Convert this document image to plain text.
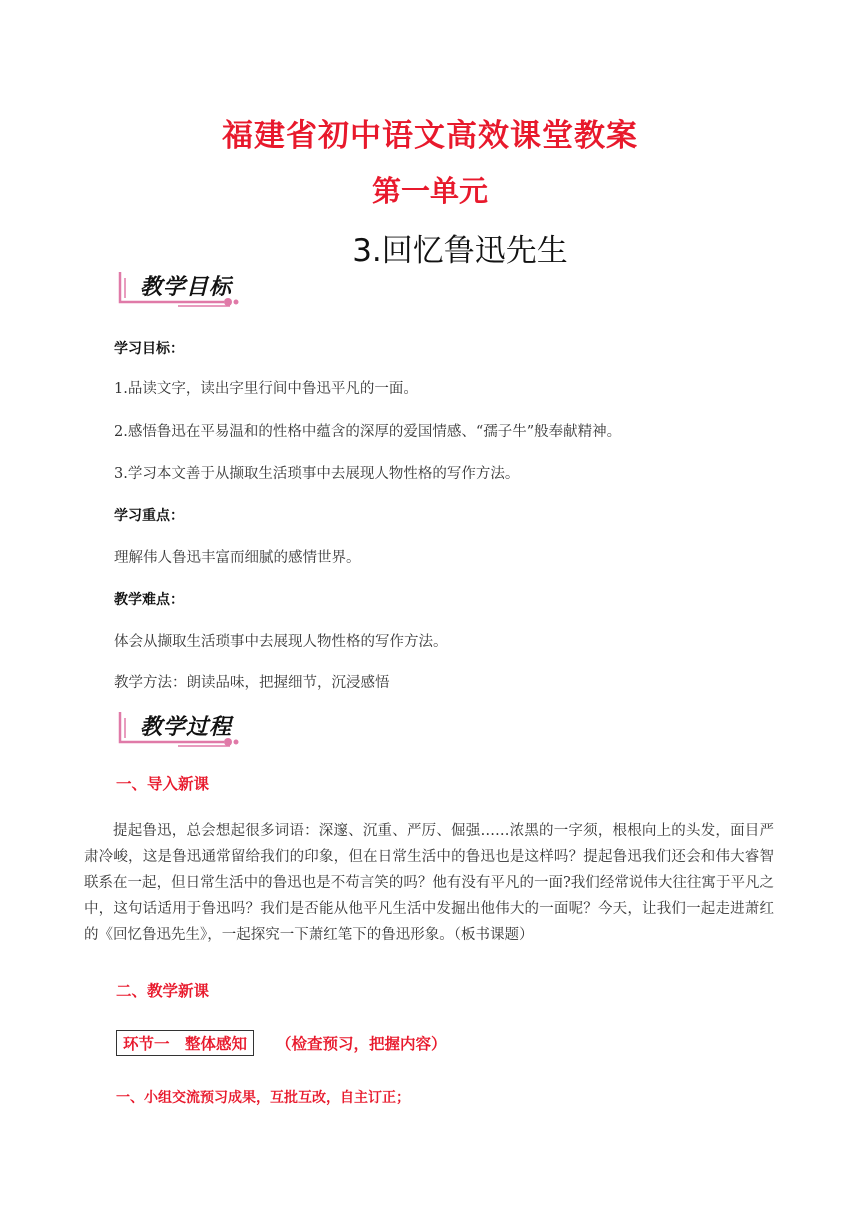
福建省初中语文高效课堂教案
第一单元
3.回忆鲁迅先生
教学目标
学习目标：
1.品读文字，读出字里行间中鲁迅平凡的一面。
2.感悟鲁迅在平易温和的性格中蕴含的深厚的爱国情感、“孺子牛”般奉献精神。
3.学习本文善于从撷取生活琐事中去展现人物性格的写作方法。
学习重点：
理解伟人鲁迅丰富而细腻的感情世界。
教学难点：
体会从撷取生活琐事中去展现人物性格的写作方法。
教学方法：朗读品味，把握细节，沉浸感悟
教学过程
一、导入新课
提起鲁迅，总会想起很多词语：深邃、沉重、严厉、倔强……浓黑的一字须，根根向上的头发，面目严肃冷峻，这是鲁迅通常留给我们的印象，但在日常生活中的鲁迅也是这样吗？提起鲁迅我们还会和伟大睿智联系在一起，但日常生活中的鲁迅也是不苟言笑的吗？他有没有平凡的一面?我们经常说伟大往往寓于平凡之中，这句话适用于鲁迅吗？我们是否能从他平凡生活中发掘出他伟大的一面呢？今天，让我们一起走进萧红的《回忆鲁迅先生》，一起探究一下萧红笔下的鲁迅形象。（板书课题）
二、教学新课
环节一　整体感知	（检查预习，把握内容）
一、小组交流预习成果，互批互改，自主订正；
